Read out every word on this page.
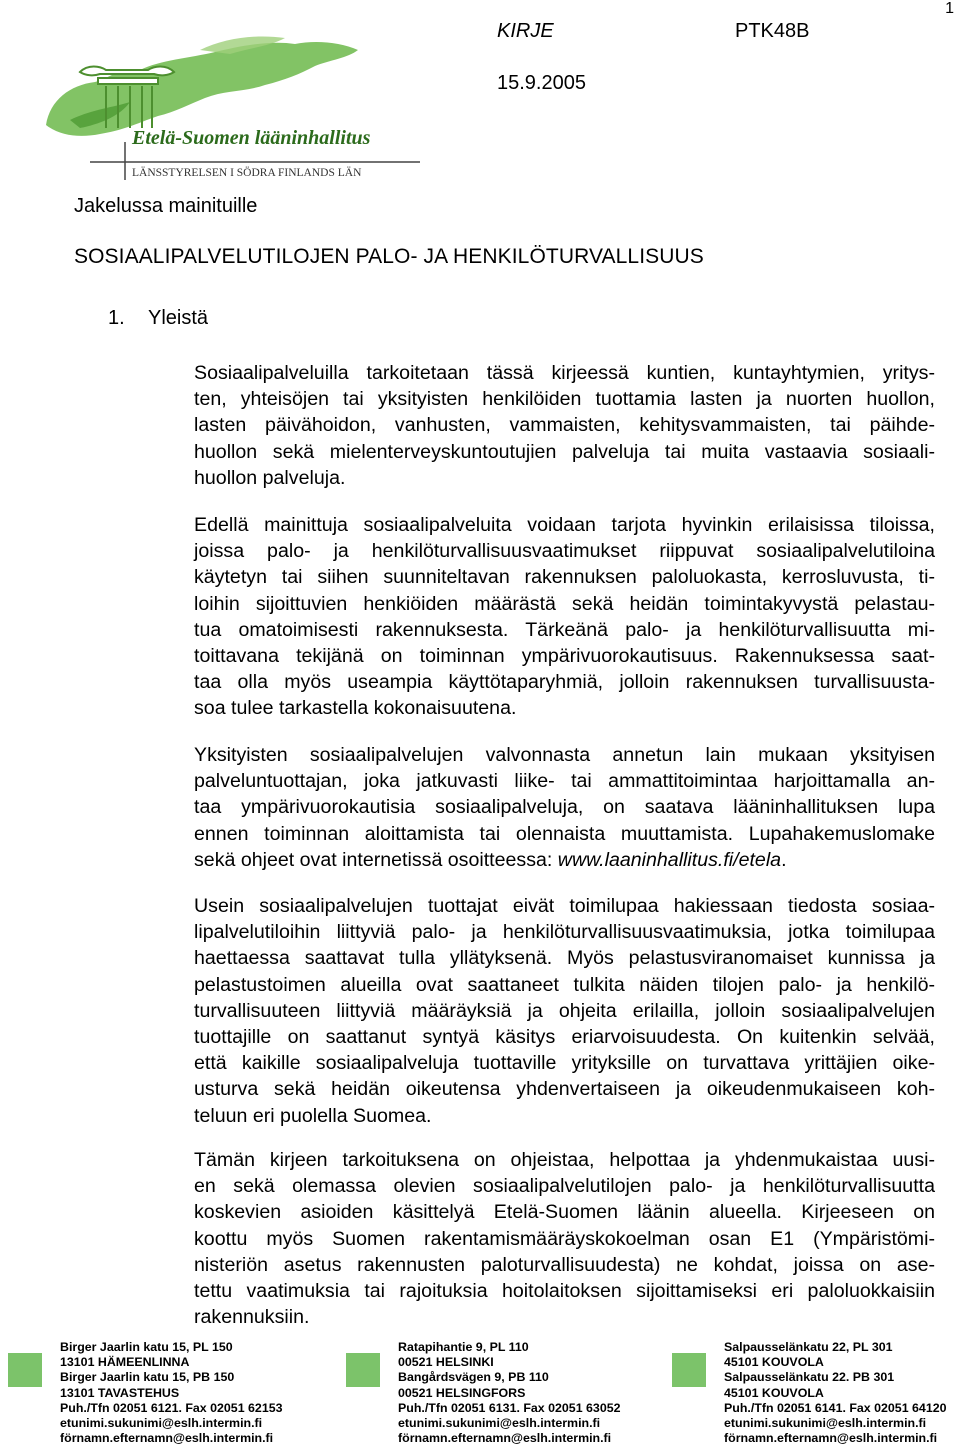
1
KIRJE	PTK48B
15.9.2005
Etelä-Suomen lääninhallitus
LÄNSSTYRELSEN I SÖDRA FINLANDS LÄN
Jakelussa mainituille
SOSIAALIPALVELUTILOJEN PALO- JA HENKILÖTURVALLISUUS
1. Yleistä
Sosiaalipalveluilla tarkoitetaan tässä kirjeessä kuntien, kuntayhtymien, yritys-
ten, yhteisöjen tai yksityisten henkilöiden tuottamia lasten ja nuorten huollon,
lasten päivähoidon, vanhusten, vammaisten, kehitysvammaisten, tai päihde-
huollon sekä mielenterveyskuntoutujien palveluja tai muita vastaavia sosiaali-
huollon palveluja.
Edellä mainittuja sosiaalipalveluita voidaan tarjota hyvinkin erilaisissa tiloissa,
joissa palo- ja henkilöturvallisuusvaatimukset riippuvat sosiaalipalvelutiloina
käytetyn tai siihen suunniteltavan rakennuksen paloluokasta, kerrosluvusta, ti-
loihin sijoittuvien henkiöiden määrästä sekä heidän toimintakyvystä pelastau-
tua omatoimisesti rakennuksesta. Tärkeänä palo- ja henkilöturvallisuutta mi-
toittavana tekijänä on toiminnan ympärivuorokautisuus. Rakennuksessa saat-
taa olla myös useampia käyttötaparyhmiä, jolloin rakennuksen turvallisuusta-
soa tulee tarkastella kokonaisuutena.
Yksityisten sosiaalipalvelujen valvonnasta annetun lain mukaan yksityisen
palveluntuottajan, joka jatkuvasti liike- tai ammattitoimintaa harjoittamalla an-
taa ympärivuorokautisia sosiaalipalveluja, on saatava lääninhallituksen lupa
ennen toiminnan aloittamista tai olennaista muuttamista. Lupahakemuslomake
sekä ohjeet ovat internetissä osoitteessa: www.laaninhallitus.fi/etela.
Usein sosiaalipalvelujen tuottajat eivät toimilupaa hakiessaan tiedosta sosiaa-
lipalvelutiloihin liittyviä palo- ja henkilöturvallisuusvaatimuksia, jotka toimilupaa
haettaessa saattavat tulla yllätyksenä. Myös pelastusviranomaiset kunnissa ja
pelastustoimen alueilla ovat saattaneet tulkita näiden tilojen palo- ja henkilö-
turvallisuuteen liittyviä määräyksiä ja ohjeita erilailla, jolloin sosiaalipalvelujen
tuottajille on saattanut syntyä käsitys eriarvoisuudesta. On kuitenkin selvää,
että kaikille sosiaalipalveluja tuottaville yrityksille on turvattava yrittäjien oike-
usturva sekä heidän oikeutensa yhdenvertaiseen ja oikeudenmukaiseen koh-
teluun eri puolella Suomea.
Tämän kirjeen tarkoituksena on ohjeistaa, helpottaa ja yhdenmukaistaa uusi-
en sekä olemassa olevien sosiaalipalvelutilojen palo- ja henkilöturvallisuutta
koskevien asioiden käsittelyä Etelä-Suomen läänin alueella. Kirjeeseen on
koottu myös Suomen rakentamismääräyskokoelman osan E1 (Ympäristömi-
nisteriön asetus rakennusten paloturvallisuudesta) ne kohdat, joissa on ase-
tettu vaatimuksia tai rajoituksia hoitolaitoksen sijoittamiseksi eri paloluokkaisiin
rakennuksiin.
Birger Jaarlin katu 15, PL 150
13101 HÄMEENLINNA
Birger Jaarlin katu 15, PB 150
13101 TAVASTEHUS
Puh./Tfn 02051 6121. Fax 02051 62153
etunimi.sukunimi@eslh.intermin.fi
förnamn.efternamn@eslh.intermin.fi
Ratapihantie 9, PL 110
00521 HELSINKI
Bangårdsvägen 9, PB 110
00521 HELSINGFORS
Puh./Tfn 02051 6131. Fax 02051 63052
etunimi.sukunimi@eslh.intermin.fi
förnamn.efternamn@eslh.intermin.fi
Salpausselänkatu 22, PL 301
45101 KOUVOLA
Salpausselänkatu 22. PB 301
45101 KOUVOLA
Puh./Tfn 02051 6141. Fax 02051 64120
etunimi.sukunimi@eslh.intermin.fi
förnamn.efternamn@eslh.intermin.fi
